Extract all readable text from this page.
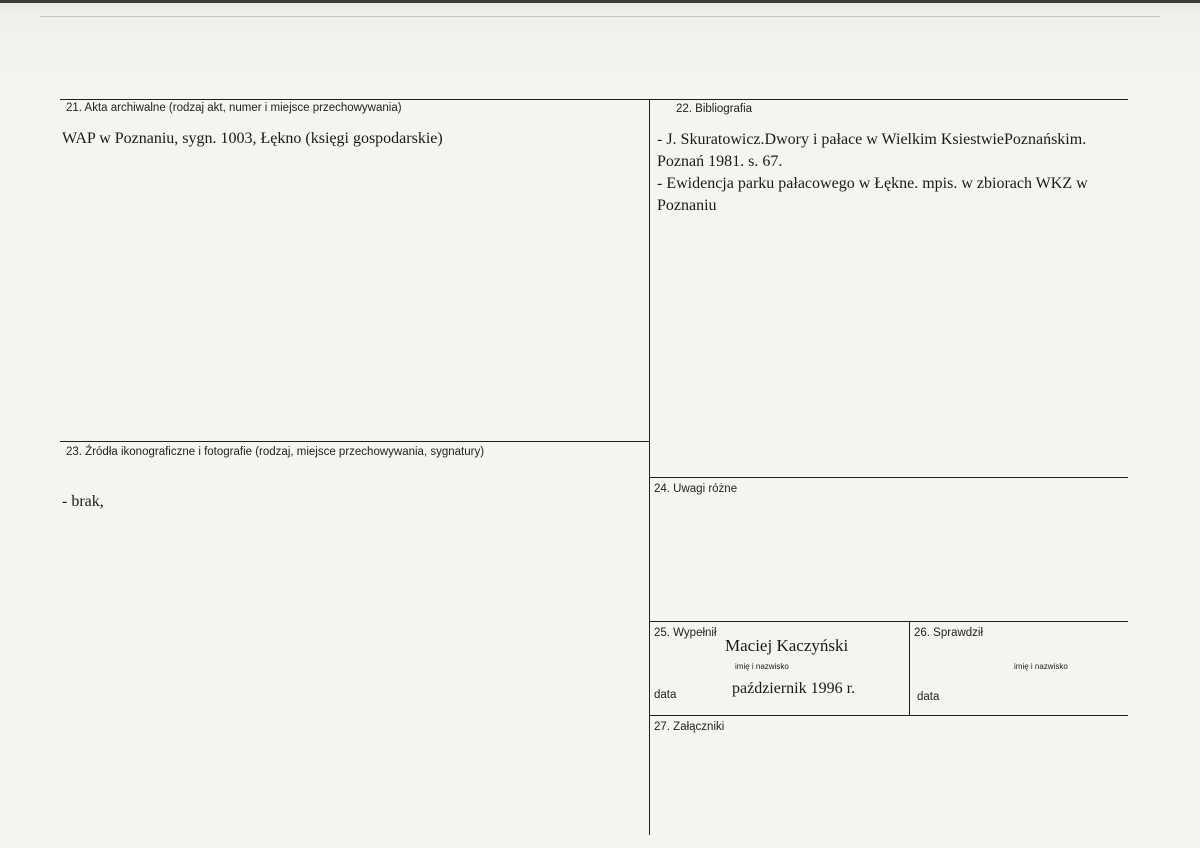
21. Akta archiwalne (rodzaj akt, numer i miejsce przechowywania)
WAP w Poznaniu, sygn. 1003, Łękno (księgi gospodarskie)
22. Bibliografia
- J. Skuratowicz.Dwory i pałace w Wielkim KsiestwiePoznańskim.
Poznań 1981. s. 67.
- Ewidencja parku pałacowego w Łękne. mpis. w zbiorach WKZ w
Poznaniu
23. Źródła ikonograficzne i fotografie (rodzaj, miejsce przechowywania, sygnatury)
- brak,
24. Uwagi różne
25. Wypełnił
Maciej Kaczyński
imię i nazwisko
październik 1996 r.
data
26. Sprawdził
imię i nazwisko
data
27. Załączniki
